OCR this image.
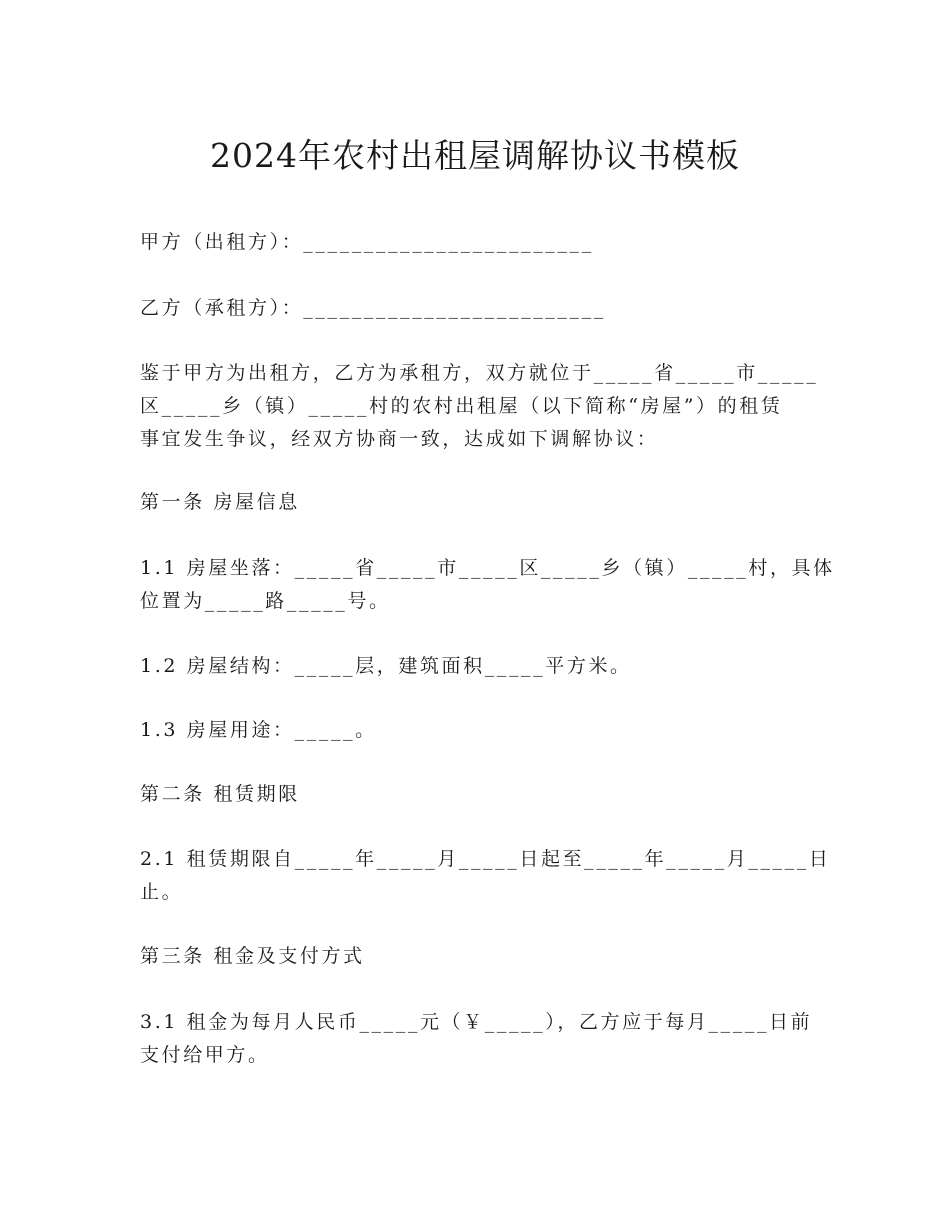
2024年农村出租屋调解协议书模板
甲方（出租方）：________________________
乙方（承租方）：_________________________
鉴于甲方为出租方，乙方为承租方，双方就位于_____省_____市_____
区_____乡（镇）_____村的农村出租屋（以下简称“房屋”）的租赁
事宜发生争议，经双方协商一致，达成如下调解协议：
第一条 房屋信息
1.1 房屋坐落：_____省_____市_____区_____乡（镇）_____村，具体
位置为_____路_____号。
1.2 房屋结构：_____层，建筑面积_____平方米。
1.3 房屋用途：_____。
第二条 租赁期限
2.1 租赁期限自_____年_____月_____日起至_____年_____月_____日
止。
第三条 租金及支付方式
3.1 租金为每月人民币_____元（￥_____），乙方应于每月_____日前
支付给甲方。
